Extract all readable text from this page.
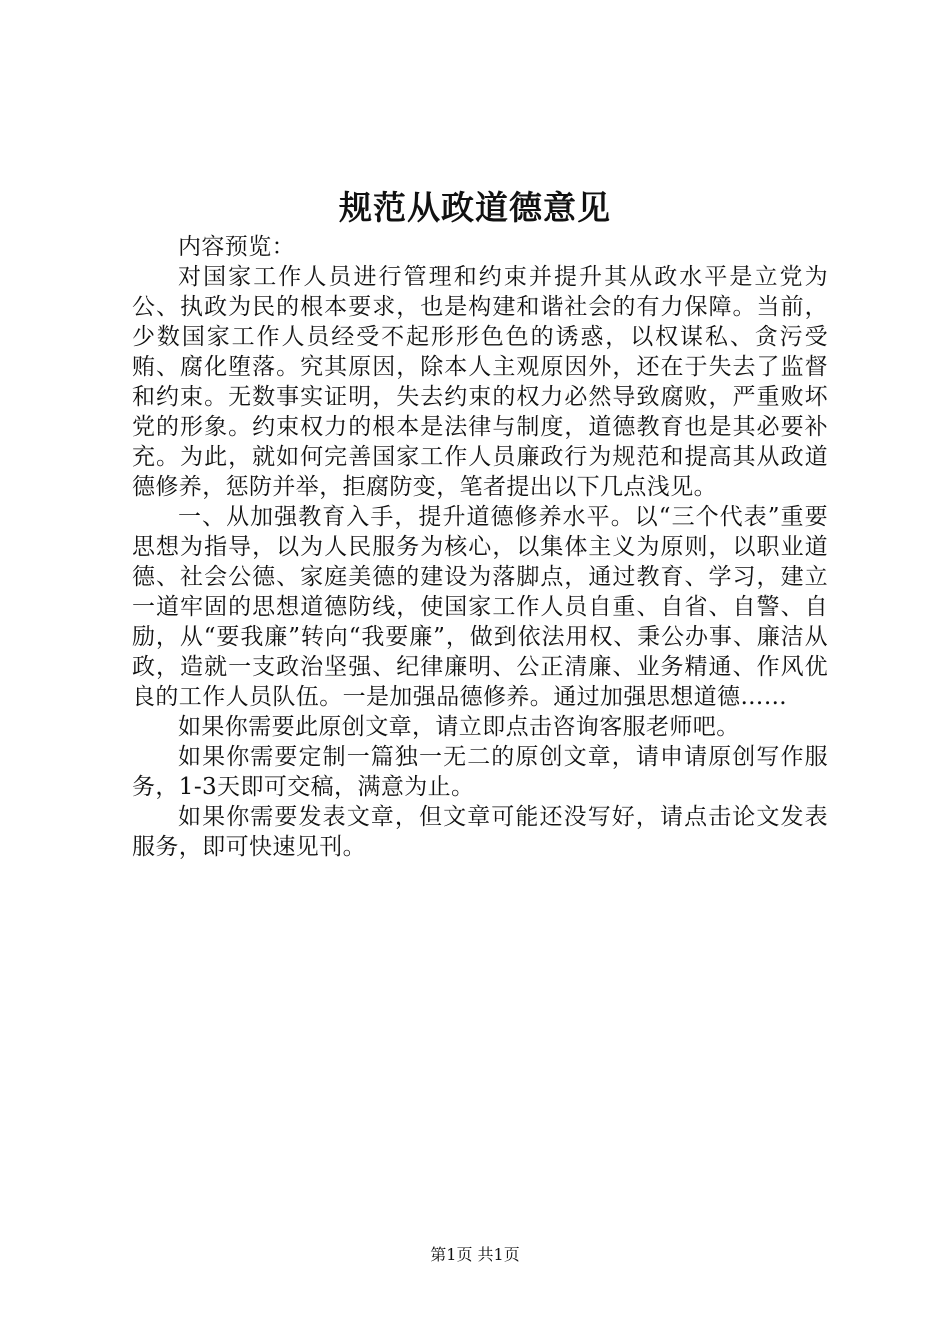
规范从政道德意见

内容预览：

对国家工作人员进行管理和约束并提升其从政水平是立党为公、执政为民的根本要求，也是构建和谐社会的有力保障。当前，少数国家工作人员经受不起形形色色的诱惑，以权谋私、贪污受贿、腐化堕落。究其原因，除本人主观原因外，还在于失去了监督和约束。无数事实证明，失去约束的权力必然导致腐败，严重败坏党的形象。约束权力的根本是法律与制度，道德教育也是其必要补充。为此，就如何完善国家工作人员廉政行为规范和提高其从政道德修养，惩防并举，拒腐防变，笔者提出以下几点浅见。

一、从加强教育入手，提升道德修养水平。以“三个代表”重要思想为指导，以为人民服务为核心，以集体主义为原则，以职业道德、社会公德、家庭美德的建设为落脚点，通过教育、学习，建立一道牢固的思想道德防线，使国家工作人员自重、自省、自警、自励，从“要我廉”转向“我要廉”，做到依法用权、秉公办事、廉洁从政，造就一支政治坚强、纪律廉明、公正清廉、业务精通、作风优良的工作人员队伍。一是加强品德修养。通过加强思想道德……

如果你需要此原创文章，请立即点击咨询客服老师吧。

如果你需要定制一篇独一无二的原创文章，请申请原创写作服务，1-3天即可交稿，满意为止。

如果你需要发表文章，但文章可能还没写好，请点击论文发表服务，即可快速见刊。

第1页 共1页
